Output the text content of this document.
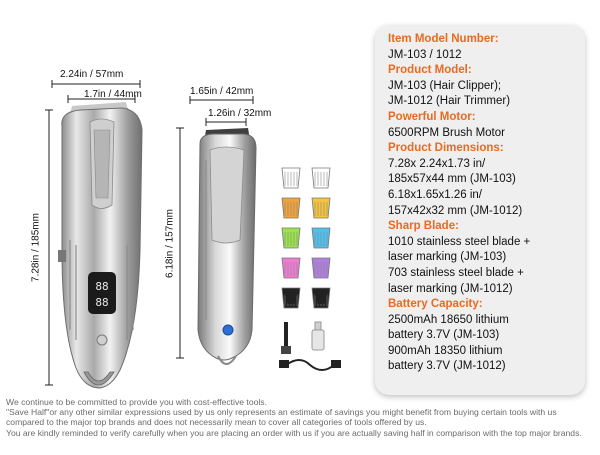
88
88
2.24in / 57mm
1.7in / 44mm
7.28in / 185mm
1.65in / 42mm
1.26in / 32mm
6.18in / 157mm
Item Model Number:
JM-103 / 1012
Product Model:
JM-103 (Hair Clipper);
JM-1012 (Hair Trimmer)
Powerful Motor:
6500RPM Brush Motor
Product Dimensions:
7.28x 2.24x1.73 in/
185x57x44 mm (JM-103)
6.18x1.65x1.26 in/
157x42x32 mm (JM-1012)
Sharp Blade:
1010 stainless steel blade +
laser marking (JM-103)
703 stainless steel blade +
laser marking (JM-1012)
Battery Capacity:
2500mAh 18650 lithium
battery 3.7V (JM-103)
900mAh 18350 lithium
battery 3.7V (JM-1012)
We continue to be committed to provide you with cost-effective tools.
"Save Half"or any other similar expressions used by us only represents an estimate of savings you might benefit from buying certain tools with us
compared to the major top brands and does not necessarily mean to cover all categories of tools offered by us.
You are kindly reminded to verify carefully when you are placing an order with us if you are actually saving half in comparison with the top major brands.
